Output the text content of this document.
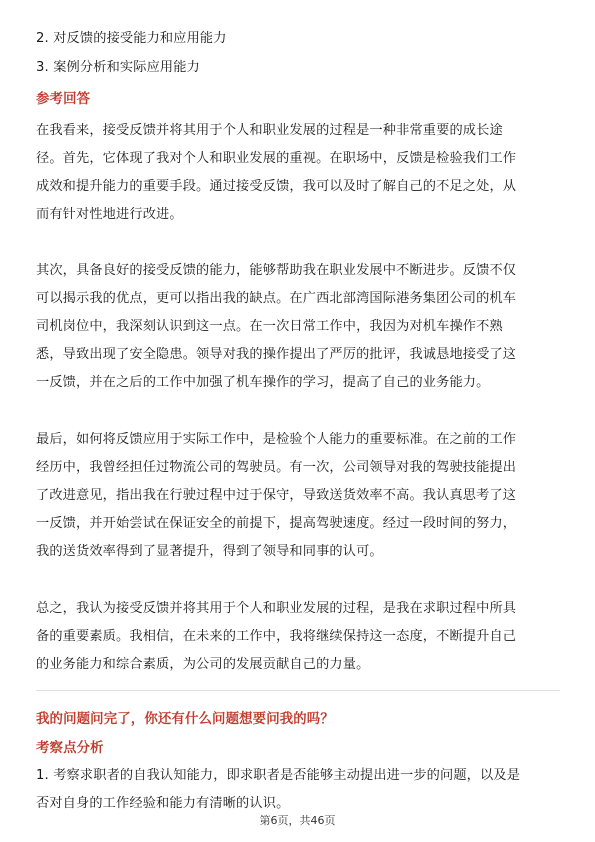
2. 对反馈的接受能力和应用能力
3. 案例分析和实际应用能力
参考回答
在我看来，接受反馈并将其用于个人和职业发展的过程是一种非常重要的成长途
径。首先，它体现了我对个人和职业发展的重视。在职场中，反馈是检验我们工作
成效和提升能力的重要手段。通过接受反馈，我可以及时了解自己的不足之处，从
而有针对性地进行改进。
其次，具备良好的接受反馈的能力，能够帮助我在职业发展中不断进步。反馈不仅
可以揭示我的优点，更可以指出我的缺点。在广西北部湾国际港务集团公司的机车
司机岗位中，我深刻认识到这一点。在一次日常工作中，我因为对机车操作不熟
悉，导致出现了安全隐患。领导对我的操作提出了严厉的批评，我诚恳地接受了这
一反馈，并在之后的工作中加强了机车操作的学习，提高了自己的业务能力。
最后，如何将反馈应用于实际工作中，是检验个人能力的重要标准。在之前的工作
经历中，我曾经担任过物流公司的驾驶员。有一次，公司领导对我的驾驶技能提出
了改进意见，指出我在行驶过程中过于保守，导致送货效率不高。我认真思考了这
一反馈，并开始尝试在保证安全的前提下，提高驾驶速度。经过一段时间的努力，
我的送货效率得到了显著提升，得到了领导和同事的认可。
总之，我认为接受反馈并将其用于个人和职业发展的过程，是我在求职过程中所具
备的重要素质。我相信，在未来的工作中，我将继续保持这一态度，不断提升自己
的业务能力和综合素质，为公司的发展贡献自己的力量。
我的问题问完了，你还有什么问题想要问我的吗？
考察点分析
1. 考察求职者的自我认知能力，即求职者是否能够主动提出进一步的问题，以及是
否对自身的工作经验和能力有清晰的认识。
第6页，共46页
